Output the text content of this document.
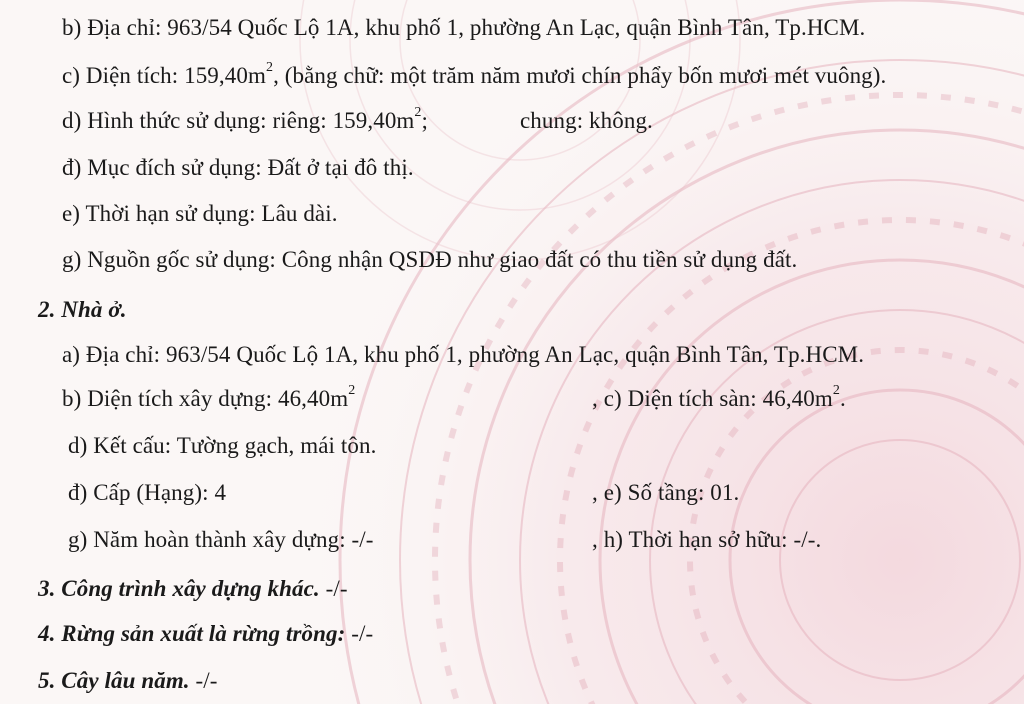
b) Địa chỉ: 963/54 Quốc Lộ 1A, khu phố 1, phường An Lạc, quận Bình Tân, Tp.HCM.
c) Diện tích: $159,40m^2$, (bằng chữ: một trăm năm mươi chín phẩy bốn mươi mét vuông).
d) Hình thức sử dụng: riêng: $159,40m^2$;	chung: không.
đ) Mục đích sử dụng: Đất ở tại đô thị.
e) Thời hạn sử dụng: Lâu dài.
g) Nguồn gốc sử dụng: Công nhận QSDĐ như giao đất có thu tiền sử dụng đất.
2. Nhà ở.
a) Địa chỉ: 963/54 Quốc Lộ 1A, khu phố 1, phường An Lạc, quận Bình Tân, Tp.HCM.
b) Diện tích xây dựng: $46,40m^2$	, c) Diện tích sàn: $46,40m^2$.
d) Kết cấu: Tường gạch, mái tôn.
đ) Cấp (Hạng): 4	, e) Số tầng: 01.
g) Năm hoàn thành xây dựng: -/-	, h) Thời hạn sở hữu: -/-.
3. Công trình xây dựng khác. -/-
4. Rừng sản xuất là rừng trồng: -/-
5. Cây lâu năm. -/-
